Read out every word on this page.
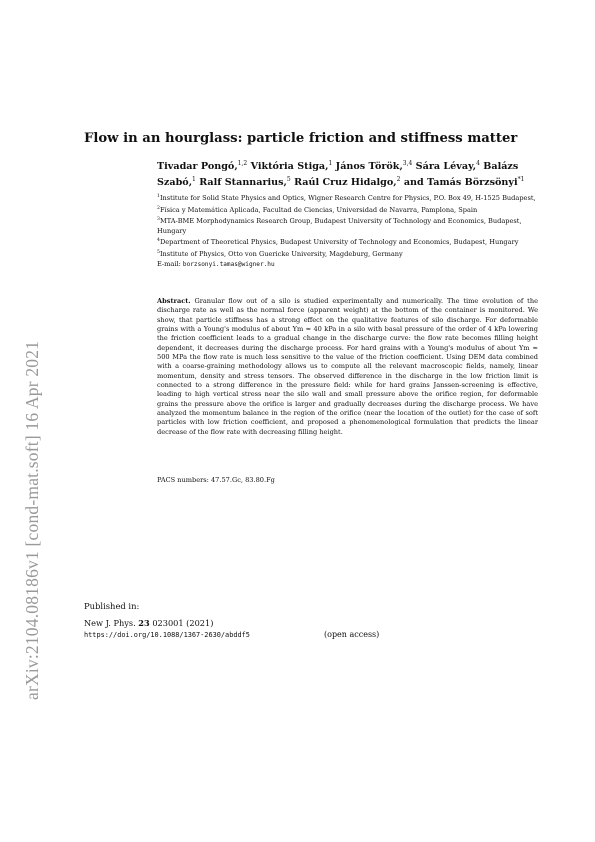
arXiv:2104.08186v1 [cond-mat.soft] 16 Apr 2021
Flow in an hourglass: particle friction and stiffness matter
Tivadar Pongó,$^{1,2}$ Viktória Stiga,$^1$ János Török,$^{3,4}$ Sára Lévay,$^4$ Balázs Szabó,$^1$ Ralf Stannarius,$^5$ Raúl Cruz Hidalgo,$^2$ and Tamás Börzsönyi$^{*1}$

$^1$Institute for Solid State Physics and Optics, Wigner Research Centre for Physics, P.O. Box 49, H-1525 Budapest,

$^2$Física y Matemática Aplicada, Facultad de Ciencias, Universidad de Navarra, Pamplona, Spain

$^3$MTA-BME Morphodynamics Research Group, Budapest University of Technology and Economics, Budapest, Hungary

$^4$Department of Theoretical Physics, Budapest University of Technology and Economics, Budapest, Hungary

$^5$Institute of Physics, Otto von Guericke University, Magdeburg, Germany

E-mail: borzsonyi.tamas@wigner.hu

Abstract. Granular flow out of a silo is studied experimentally and numerically. The time evolution of the discharge rate as well as the normal force (apparent weight) at the bottom of the container is monitored. We show, that particle stiffness has a strong effect on the qualitative features of silo discharge. For deformable grains with a Young's modulus of about Ym ≈ 40 kPa in a silo with basal pressure of the order of 4 kPa lowering the friction coefficient leads to a gradual change in the discharge curve: the flow rate becomes filling height dependent, it decreases during the discharge process. For hard grains with a Young's modulus of about Ym ≈ 500 MPa the flow rate is much less sensitive to the value of the friction coefficient. Using DEM data combined with a coarse-graining methodology allows us to compute all the relevant macroscopic fields, namely, linear momentum, density and stress tensors. The observed difference in the discharge in the low friction limit is connected to a strong difference in the pressure field: while for hard grains Janssen-screening is effective, leading to high vertical stress near the silo wall and small pressure above the orifice region, for deformable grains the pressure above the orifice is larger and gradually decreases during the discharge process. We have analyzed the momentum balance in the region of the orifice (near the location of the outlet) for the case of soft particles with low friction coefficient, and proposed a phenomenological formulation that predicts the linear decrease of the flow rate with decreasing filling height.
PACS numbers: 47.57.Gc, 83.80.Fg
Published in:
New J. Phys. 23 023001 (2021)
https://doi.org/10.1088/1367-2630/abddf5	(open access)
